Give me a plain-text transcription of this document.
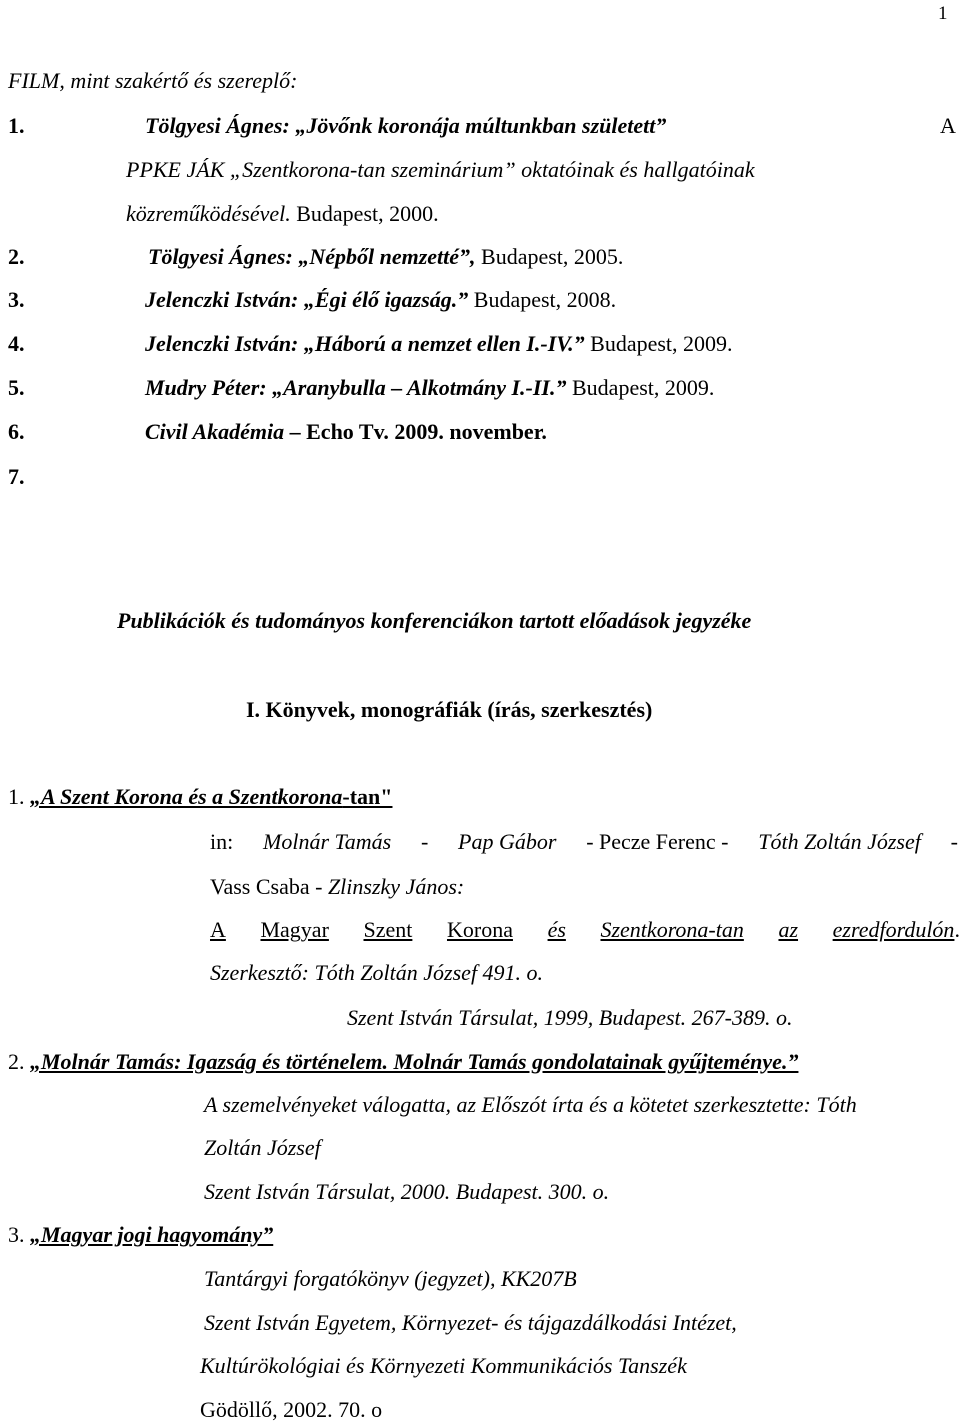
1
FILM, mint szakértő és szereplő:
1.	Tölgyesi Ágnes: „Jövőnk koronája múltunkban született”	A
PPKE JÁK „Szentkorona-tan szeminárium” oktatóinak és hallgatóinak
közreműködésével. Budapest, 2000.
2.	Tölgyesi Ágnes: „Népből nemzetté”, Budapest, 2005.
3.	Jelenczki István: „Égi élő igazság.” Budapest, 2008.
4.	Jelenczki István: „Háború a nemzet ellen I.-IV.” Budapest, 2009.
5.	Mudry Péter: „Aranybulla – Alkotmány I.-II.” Budapest, 2009.
6.	Civil Akadémia – Echo Tv. 2009. november.
7.
Publikációk és tudományos konferenciákon tartott előadások jegyzéke
I. Könyvek, monográfiák (írás, szerkesztés)
1. „A Szent Korona és a Szentkorona-tan"
in: Molnár Tamás - Pap Gábor - Pecze Ferenc - Tóth Zoltán József -
Vass Csaba - Zlinszky János:
A Magyar Szent Korona és Szentkorona-tan az ezredfordulón .
Szerkesztő: Tóth Zoltán József 491. o.
Szent István Társulat, 1999, Budapest. 267-389. o.
2. „Molnár Tamás: Igazság és történelem. Molnár Tamás gondolatainak gyűjteménye.”
A szemelvényeket válogatta, az Előszót írta és a kötetet szerkesztette: Tóth
Zoltán József
Szent István Társulat, 2000. Budapest. 300. o.
3. „Magyar jogi hagyomány”
Tantárgyi forgatókönyv (jegyzet), KK207B
Szent István Egyetem, Környezet- és tájgazdálkodási Intézet,
Kultúrökológiai és Környezeti Kommunikációs Tanszék
Gödöllő, 2002. 70. o
